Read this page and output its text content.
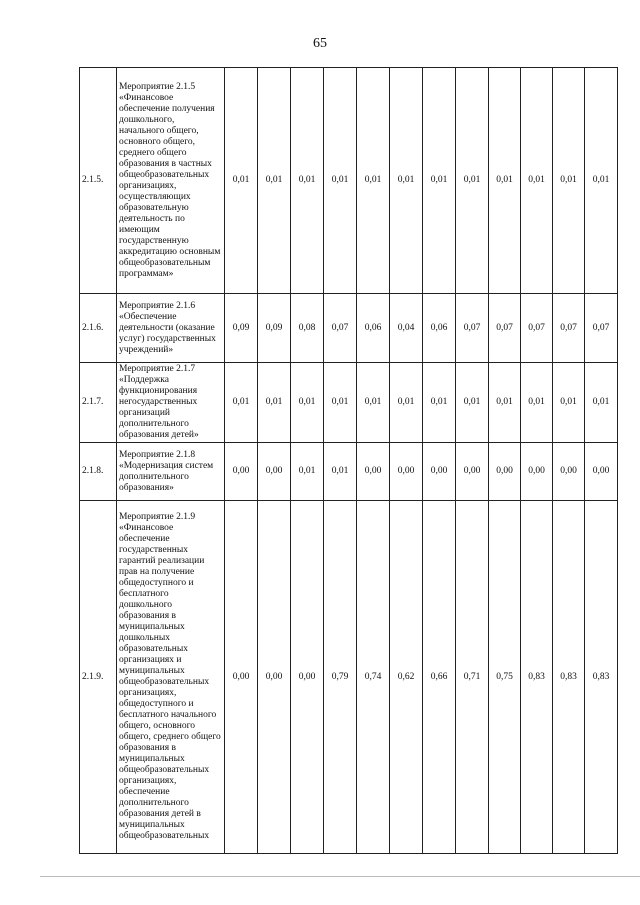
65
2.1.5.	Мероприятие 2.1.5 «Финансовое обеспечение получения дошкольного, начального общего, основного общего, среднего общего образования в частных общеобразовательных организациях, осуществляющих образовательную деятельность по имеющим государственную аккредитацию основным общеобразовательным программам»	0,01	0,01	0,01	0,01	0,01	0,01	0,01	0,01	0,01	0,01	0,01	0,01
2.1.6.	Мероприятие 2.1.6 «Обеспечение деятельности (оказание услуг) государственных учреждений»	0,09	0,09	0,08	0,07	0,06	0,04	0,06	0,07	0,07	0,07	0,07	0,07
2.1.7.	Мероприятие 2.1.7 «Поддержка функционирования негосударственных организаций дополнительного образования детей»	0,01	0,01	0,01	0,01	0,01	0,01	0,01	0,01	0,01	0,01	0,01	0,01
2.1.8.	Мероприятие 2.1.8 «Модернизация систем дополнительного образования»	0,00	0,00	0,01	0,01	0,00	0,00	0,00	0,00	0,00	0,00	0,00	0,00
2.1.9.	Мероприятие 2.1.9 «Финансовое обеспечение государственных гарантий реализации прав на получение общедоступного и бесплатного дошкольного образования в муниципальных дошкольных образовательных организациях и муниципальных общеобразовательных организациях, общедоступного и бесплатного начального общего, основного общего, среднего общего образования в муниципальных общеобразовательных организациях, обеспечение дополнительного образования детей в муниципальных общеобразовательных	0,00	0,00	0,00	0,79	0,74	0,62	0,66	0,71	0,75	0,83	0,83	0,83
